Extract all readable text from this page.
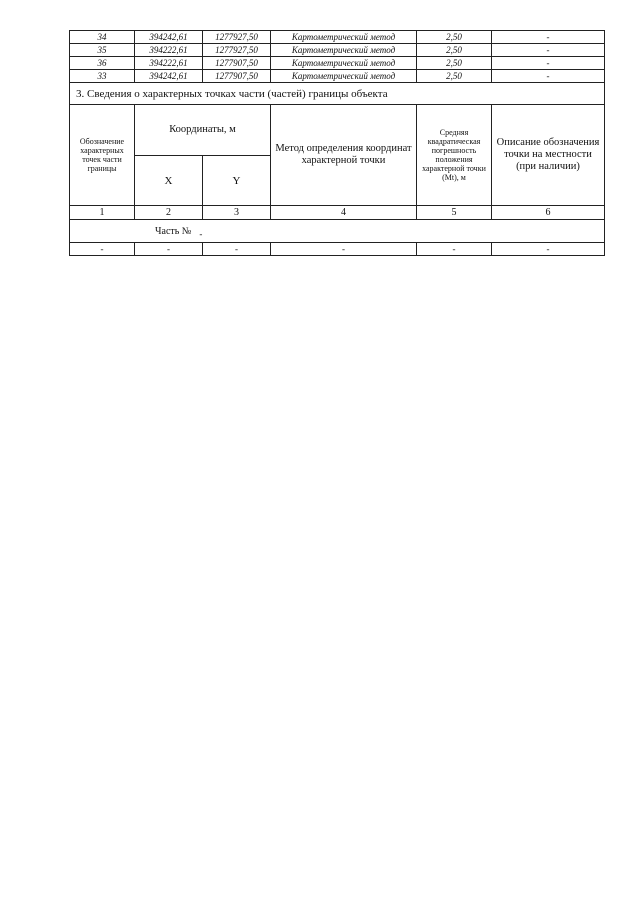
34	394242,61	1277927,50	Картометрический метод	2,50	-
35	394222,61	1277927,50	Картометрический метод	2,50	-
36	394222,61	1277907,50	Картометрический метод	2,50	-
33	394242,61	1277907,50	Картометрический метод	2,50	-
3. Сведения о характерных точках части (частей) границы объекта					
Обозначение характерных точек части границы	Координаты, м		Метод определения координат характерной точки	Средняя квадратическая погрешность положения характерной точки (Mt), м	Описание обозначения точки на местности (при наличии)
	X	Y			
1	2	3	4	5	6
Часть № -					
-	-	-	-	-	-
